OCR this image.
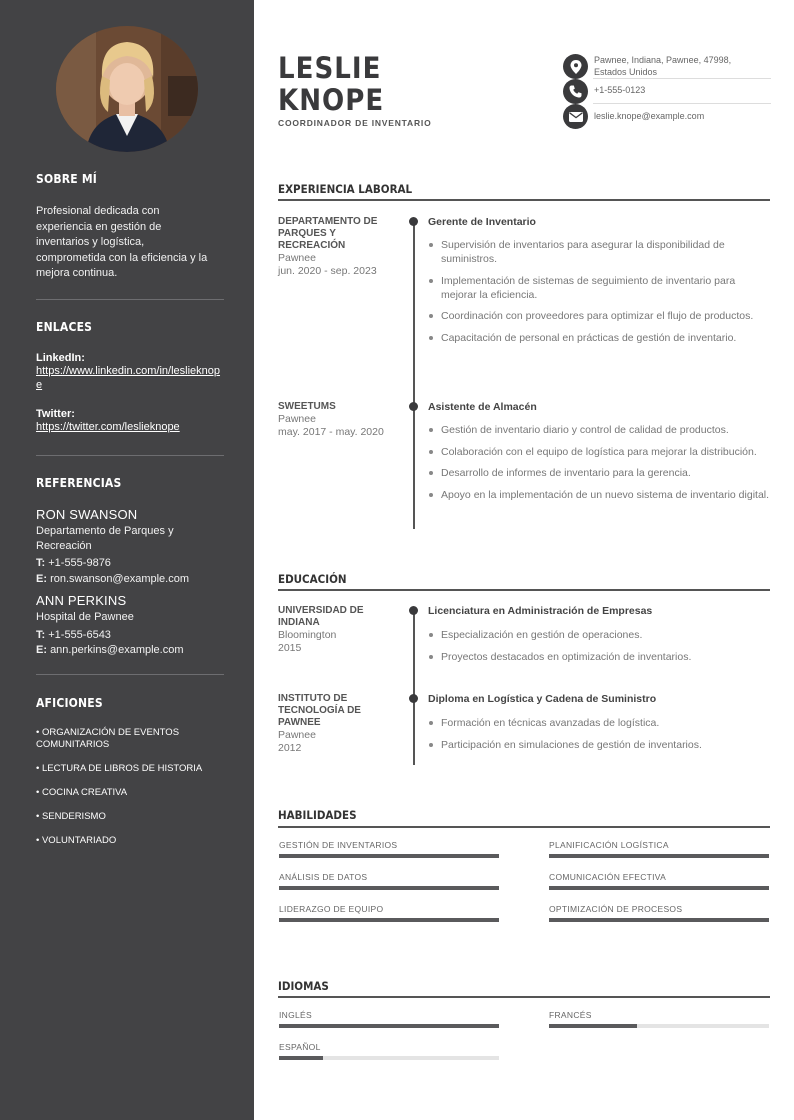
SOBRE MÍ
Profesional dedicada con experiencia en gestión de inventarios y logística, comprometida con la eficiencia y la mejora continua.
ENLACES
LinkedIn:
https://www.linkedin.com/in/leslieknope
Twitter:
https://twitter.com/leslieknope
REFERENCIAS
RON SWANSON
Departamento de Parques y Recreación
T: +1-555-9876
E: ron.swanson@example.com
ANN PERKINS
Hospital de Pawnee
T: +1-555-6543
E: ann.perkins@example.com
AFICIONES
• ORGANIZACIÓN DE EVENTOS COMUNITARIOS
• LECTURA DE LIBROS DE HISTORIA
• COCINA CREATIVA
• SENDERISMO
• VOLUNTARIADO
LESLIE
KNOPE
COORDINADOR DE INVENTARIO
Pawnee, Indiana, Pawnee, 47998, Estados Unidos
+1-555-0123
leslie.knope@example.com
EXPERIENCIA LABORAL
DEPARTAMENTO DE PARQUES Y RECREACIÓN
Pawnee
jun. 2020 - sep. 2023
Gerente de Inventario
Supervisión de inventarios para asegurar la disponibilidad de suministros.
Implementación de sistemas de seguimiento de inventario para mejorar la eficiencia.
Coordinación con proveedores para optimizar el flujo de productos.
Capacitación de personal en prácticas de gestión de inventario.
SWEETUMS
Pawnee
may. 2017 - may. 2020
Asistente de Almacén
Gestión de inventario diario y control de calidad de productos.
Colaboración con el equipo de logística para mejorar la distribución.
Desarrollo de informes de inventario para la gerencia.
Apoyo en la implementación de un nuevo sistema de inventario digital.
EDUCACIÓN
UNIVERSIDAD DE INDIANA
Bloomington
2015
Licenciatura en Administración de Empresas
Especialización en gestión de operaciones.
Proyectos destacados en optimización de inventarios.
INSTITUTO DE TECNOLOGÍA DE PAWNEE
Pawnee
2012
Diploma en Logística y Cadena de Suministro
Formación en técnicas avanzadas de logística.
Participación en simulaciones de gestión de inventarios.
HABILIDADES
GESTIÓN DE INVENTARIOS	PLANIFICACIÓN LOGÍSTICA
ANÁLISIS DE DATOS	COMUNICACIÓN EFECTIVA
LIDERAZGO DE EQUIPO	OPTIMIZACIÓN DE PROCESOS
IDIOMAS
INGLÉS	FRANCÉS
ESPAÑOL
